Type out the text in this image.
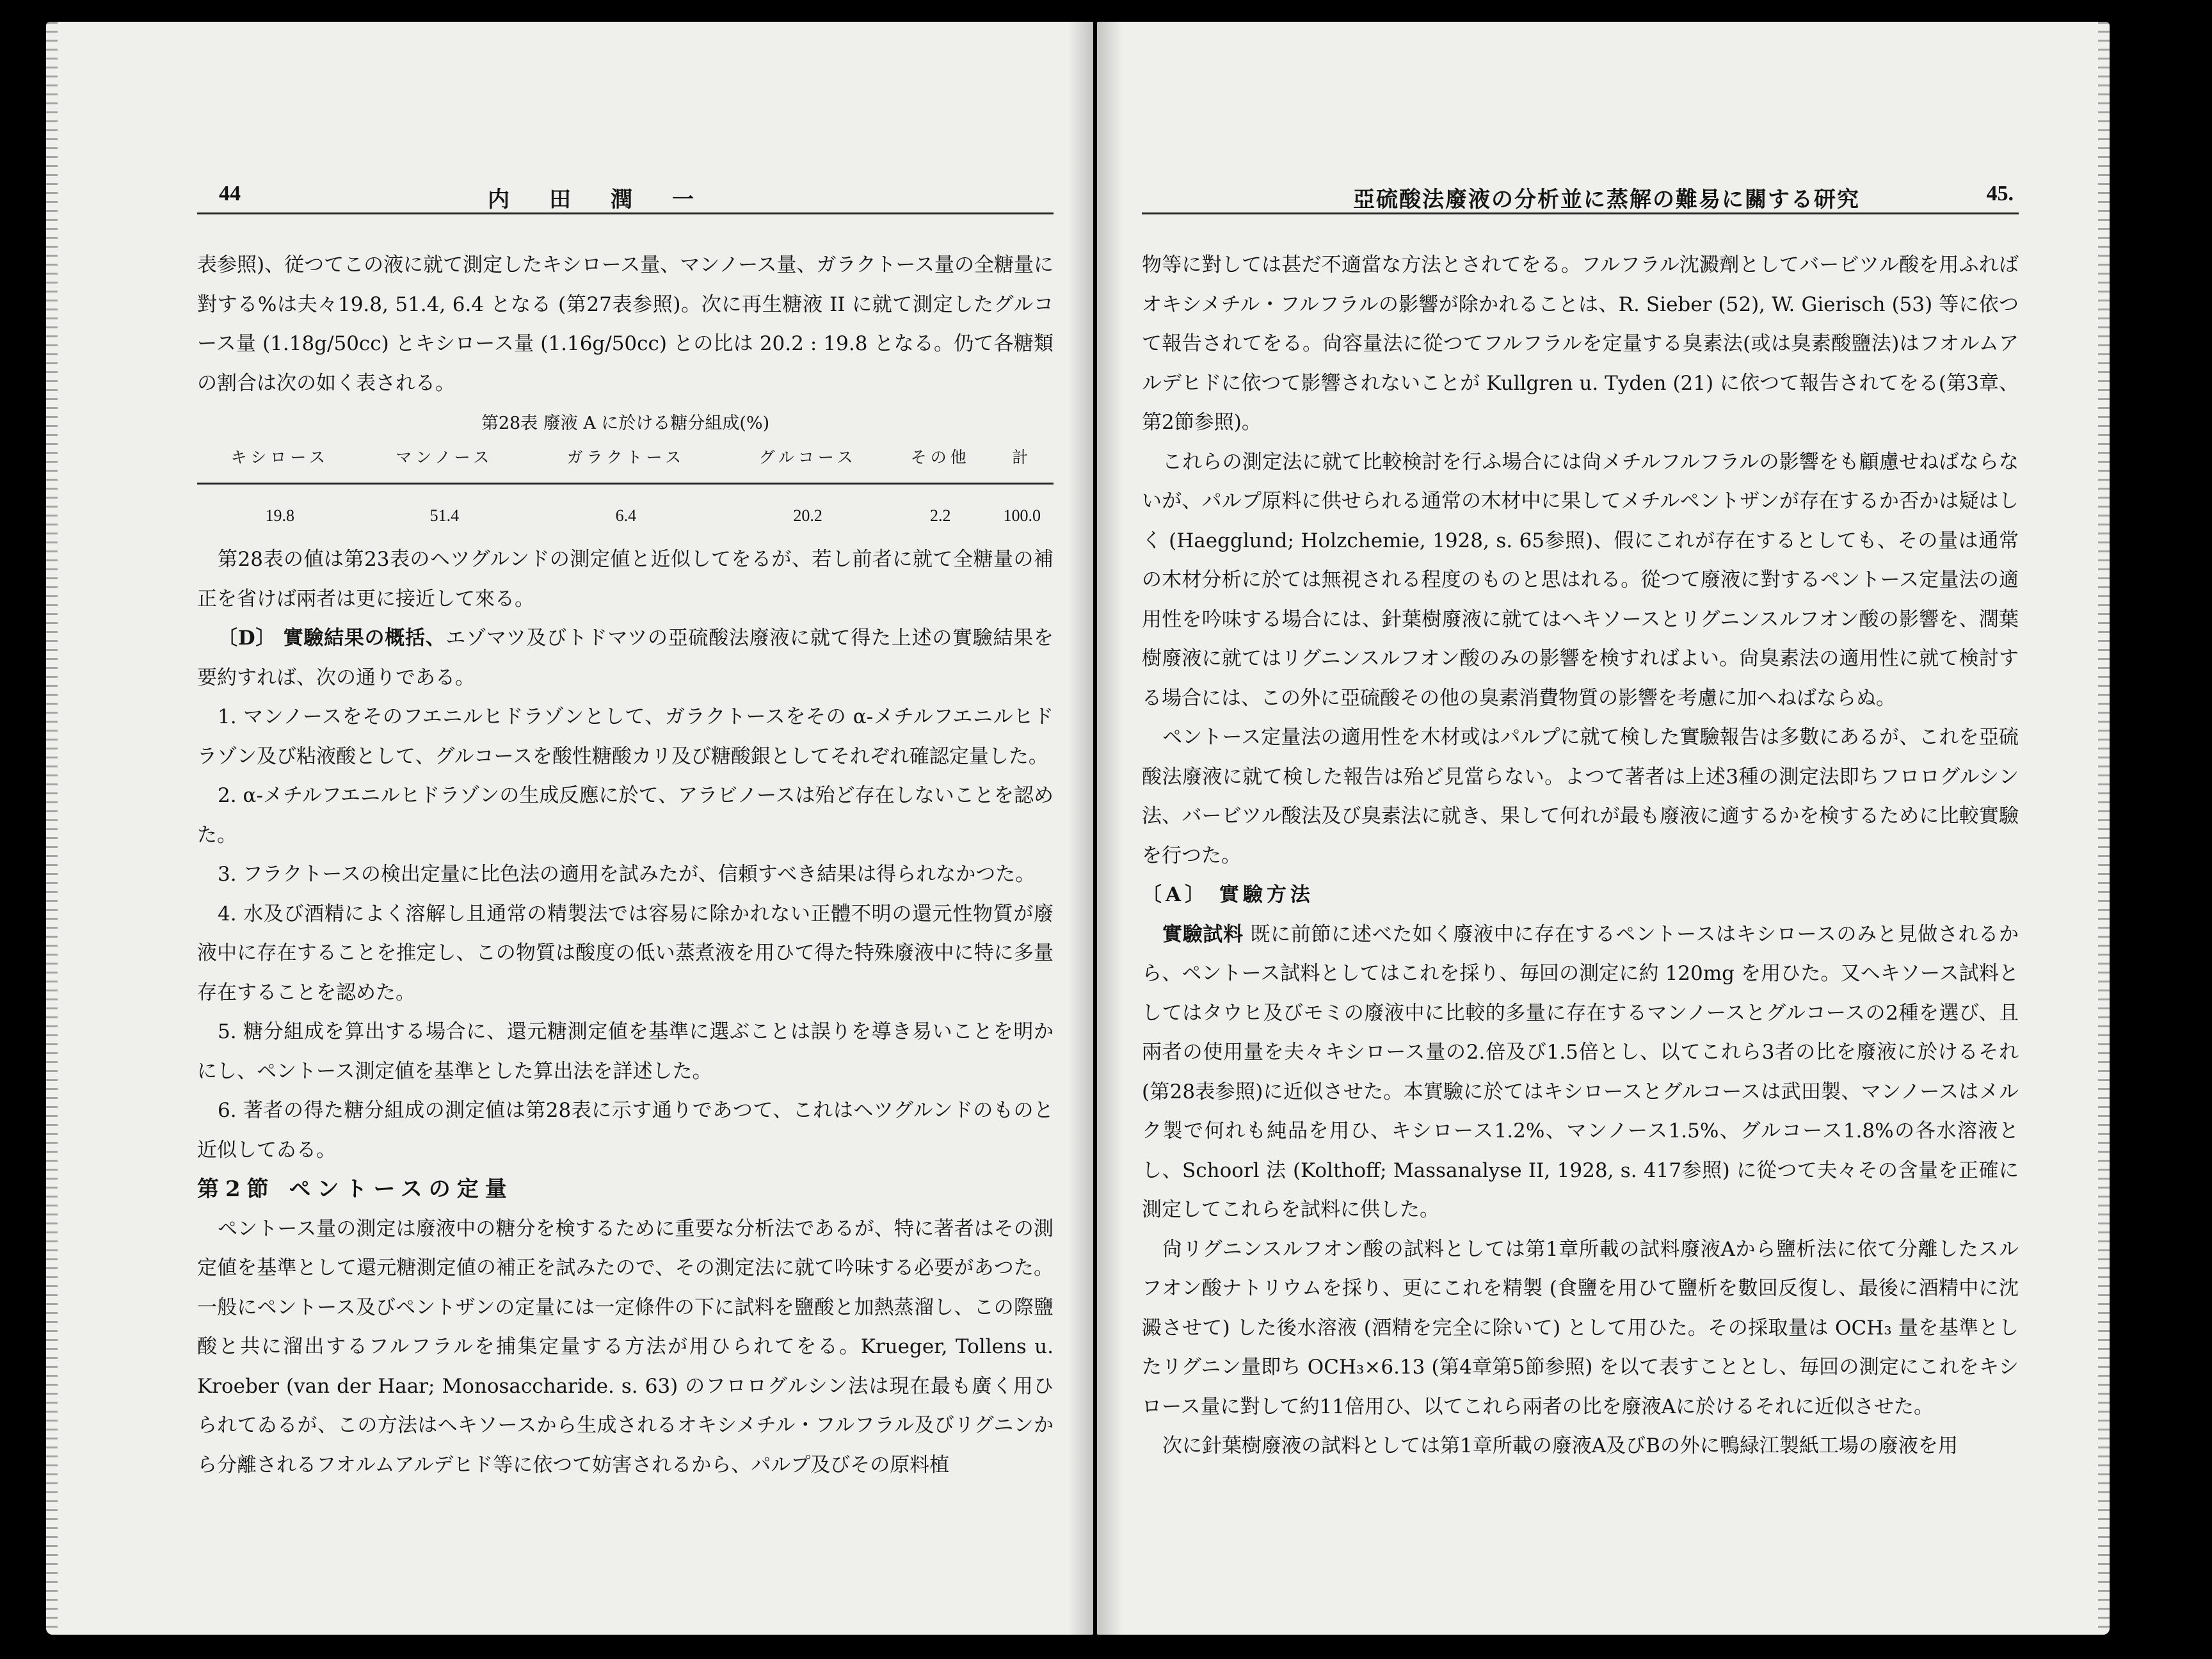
44	内田潤一

表参照)、従つてこの液に就て測定したキシロース量、マンノース量、ガラクトース量の全糖量に對する%は夫々19.8, 51.4, 6.4 となる (第27表参照)。次に再生糖液 II に就て測定したグルコース量 (1.18g/50cc) とキシロース量 (1.16g/50cc) との比は 20.2 : 19.8 となる。仍て各糖類の割合は次の如く表される。

第28表 廢液 A に於ける糖分組成(%)
キシロース	マンノース	ガラクトース	グルコース	その他	計
19.8	51.4	6.4	20.2	2.2	100.0

第28表の値は第23表のヘツグルンドの測定値と近似してをるが、若し前者に就て全糖量の補正を省けば兩者は更に接近して來る。

〔D〕 實驗結果の概括、エゾマツ及びトドマツの亞硫酸法廢液に就て得た上述の實驗結果を要約すれば、次の通りである。

1. マンノースをそのフエニルヒドラゾンとして、ガラクトースをその α-メチルフエニルヒドラゾン及び粘液酸として、グルコースを酸性糖酸カリ及び糖酸銀としてそれぞれ確認定量した。

2. α-メチルフエニルヒドラゾンの生成反應に於て、アラビノースは殆ど存在しないことを認めた。

3. フラクトースの検出定量に比色法の適用を試みたが、信頼すべき結果は得られなかつた。

4. 水及び酒精によく溶解し且通常の精製法では容易に除かれない正體不明の還元性物質が廢液中に存在することを推定し、この物質は酸度の低い蒸煮液を用ひて得た特殊廢液中に特に多量存在することを認めた。

5. 糖分組成を算出する場合に、還元糖測定値を基準に選ぶことは誤りを導き易いことを明かにし、ペントース測定値を基準とした算出法を詳述した。

6. 著者の得た糖分組成の測定値は第28表に示す通りであつて、これはヘツグルンドのものと近似してゐる。

第2節 ペントースの定量

ペントース量の測定は廢液中の糖分を検するために重要な分析法であるが、特に著者はその測定値を基準として還元糖測定値の補正を試みたので、その測定法に就て吟味する必要があつた。一般にペントース及びペントザンの定量には一定條件の下に試料を鹽酸と加熱蒸溜し、この際鹽酸と共に溜出するフルフラルを捕集定量する方法が用ひられてをる。Krueger, Tollens u. Kroeber (van der Haar; Monosaccharide. s. 63) のフロログルシン法は現在最も廣く用ひられてゐるが、この方法はヘキソースから生成されるオキシメチル・フルフラル及びリグニンから分離されるフオルムアルデヒド等に依つて妨害されるから、パルプ及びその原料植

亞硫酸法廢液の分析並に蒸解の難易に關する研究	45.

物等に對しては甚だ不適當な方法とされてをる。フルフラル沈澱劑としてバービツル酸を用ふればオキシメチル・フルフラルの影響が除かれることは、R. Sieber (52), W. Gierisch (53) 等に依つて報告されてをる。尙容量法に從つてフルフラルを定量する臭素法(或は臭素酸鹽法)はフオルムアルデヒドに依つて影響されないことが Kullgren u. Tyden (21) に依つて報告されてをる(第3章、第2節参照)。

これらの測定法に就て比較検討を行ふ場合には尙メチルフルフラルの影響をも顧慮せねばならないが、パルプ原料に供せられる通常の木材中に果してメチルペントザンが存在するか否かは疑はしく (Haegglund; Holzchemie, 1928, s. 65参照)、假にこれが存在するとしても、その量は通常の木材分析に於ては無視される程度のものと思はれる。從つて廢液に對するペントース定量法の適用性を吟味する場合には、針葉樹廢液に就てはヘキソースとリグニンスルフオン酸の影響を、濶葉樹廢液に就てはリグニンスルフオン酸のみの影響を検すればよい。尙臭素法の適用性に就て検討する場合には、この外に亞硫酸その他の臭素消費物質の影響を考慮に加へねばならぬ。

ペントース定量法の適用性を木材或はパルプに就て検した實驗報告は多數にあるが、これを亞硫酸法廢液に就て検した報告は殆ど見當らない。よつて著者は上述3種の測定法即ちフロログルシン法、バービツル酸法及び臭素法に就き、果して何れが最も廢液に適するかを検するために比較實驗を行つた。

〔A〕 實驗方法

實驗試料 既に前節に述べた如く廢液中に存在するペントースはキシロースのみと見做されるから、ペントース試料としてはこれを採り、毎回の測定に約 120mg を用ひた。又ヘキソース試料としてはタウヒ及びモミの廢液中に比較的多量に存在するマンノースとグルコースの2種を選び、且兩者の使用量を夫々キシロース量の2.倍及び1.5倍とし、以てこれら3者の比を廢液に於けるそれ(第28表参照)に近似させた。本實驗に於てはキシロースとグルコースは武田製、マンノースはメルク製で何れも純品を用ひ、キシロース1.2%、マンノース1.5%、グルコース1.8%の各水溶液とし、Schoorl 法 (Kolthoff; Massanalyse II, 1928, s. 417参照) に從つて夫々その含量を正確に測定してこれらを試料に供した。

尙リグニンスルフオン酸の試料としては第1章所載の試料廢液Aから鹽析法に依て分離したスルフオン酸ナトリウムを採り、更にこれを精製 (食鹽を用ひて鹽析を數回反復し、最後に酒精中に沈澱させて) した後水溶液 (酒精を完全に除いて) として用ひた。その採取量は OCH₃ 量を基準としたリグニン量即ち OCH₃×6.13 (第4章第5節参照) を以て表すこととし、毎回の測定にこれをキシロース量に對して約11倍用ひ、以てこれら兩者の比を廢液Aに於けるそれに近似させた。

次に針葉樹廢液の試料としては第1章所載の廢液A及びBの外に鴨緑江製紙工場の廢液を用
